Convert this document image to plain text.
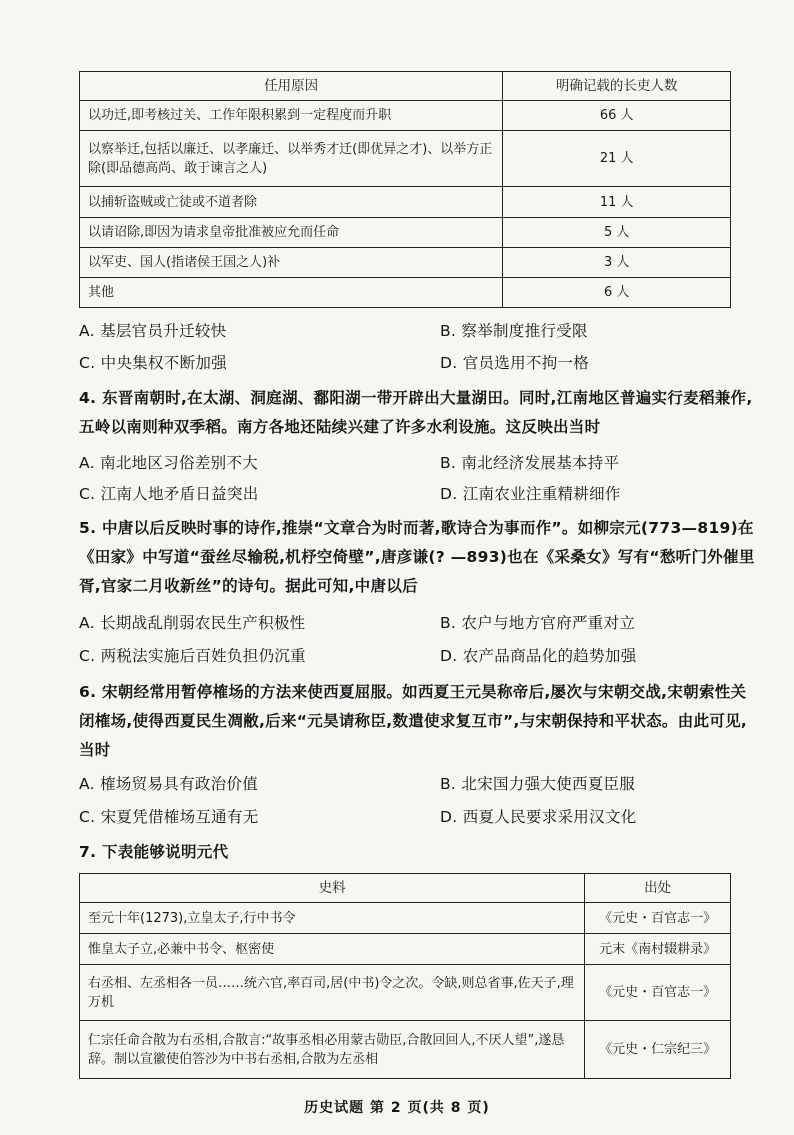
任用原因	明确记载的长吏人数
以功迁,即考核过关、工作年限积累到一定程度而升职	66 人
以察举迁,包括以廉迁、以孝廉迁、以举秀才迁(即优异之才)、以举方正除(即品德高尚、敢于谏言之人)	21 人
以捕斩盗贼或亡徒或不道者除	11 人
以请诏除,即因为请求皇帝批准被应允而任命	5 人
以军吏、国人(指诸侯王国之人)补	3 人
其他	6 人
A. 基层官员升迁较快	B. 察举制度推行受限
C. 中央集权不断加强	D. 官员选用不拘一格
4. 东晋南朝时,在太湖、洞庭湖、鄱阳湖一带开辟出大量湖田。同时,江南地区普遍实行麦稻兼作,五岭以南则种双季稻。南方各地还陆续兴建了许多水利设施。这反映出当时
A. 南北地区习俗差别不大	B. 南北经济发展基本持平
C. 江南人地矛盾日益突出	D. 江南农业注重精耕细作
5. 中唐以后反映时事的诗作,推崇“文章合为时而著,歌诗合为事而作”。如柳宗元(773—819)在《田家》中写道“蚕丝尽输税,机杼空倚壁”,唐彦谦(? —893)也在《采桑女》写有“愁听门外催里胥,官家二月收新丝”的诗句。据此可知,中唐以后
A. 长期战乱削弱农民生产积极性	B. 农户与地方官府严重对立
C. 两税法实施后百姓负担仍沉重	D. 农产品商品化的趋势加强
6. 宋朝经常用暂停榷场的方法来使西夏屈服。如西夏王元昊称帝后,屡次与宋朝交战,宋朝索性关闭榷场,使得西夏民生凋敝,后来“元昊请称臣,数遣使求复互市”,与宋朝保持和平状态。由此可见,当时
A. 榷场贸易具有政治价值	B. 北宋国力强大使西夏臣服
C. 宋夏凭借榷场互通有无	D. 西夏人民要求采用汉文化
7. 下表能够说明元代
史料	出处
至元十年(1273),立皇太子,行中书令	《元史・百官志一》
惟皇太子立,必兼中书令、枢密使	元末《南村辍耕录》
右丞相、左丞相各一员……统六官,率百司,居(中书)令之次。令缺,则总省事,佐天子,理万机	《元史・百官志一》
仁宗任命合散为右丞相,合散言:“故事丞相必用蒙古勋臣,合散回回人,不厌人望”,遂恳辞。制以宣徽使伯答沙为中书右丞相,合散为左丞相	《元史・仁宗纪三》
历史试题 第 2 页(共 8 页)
